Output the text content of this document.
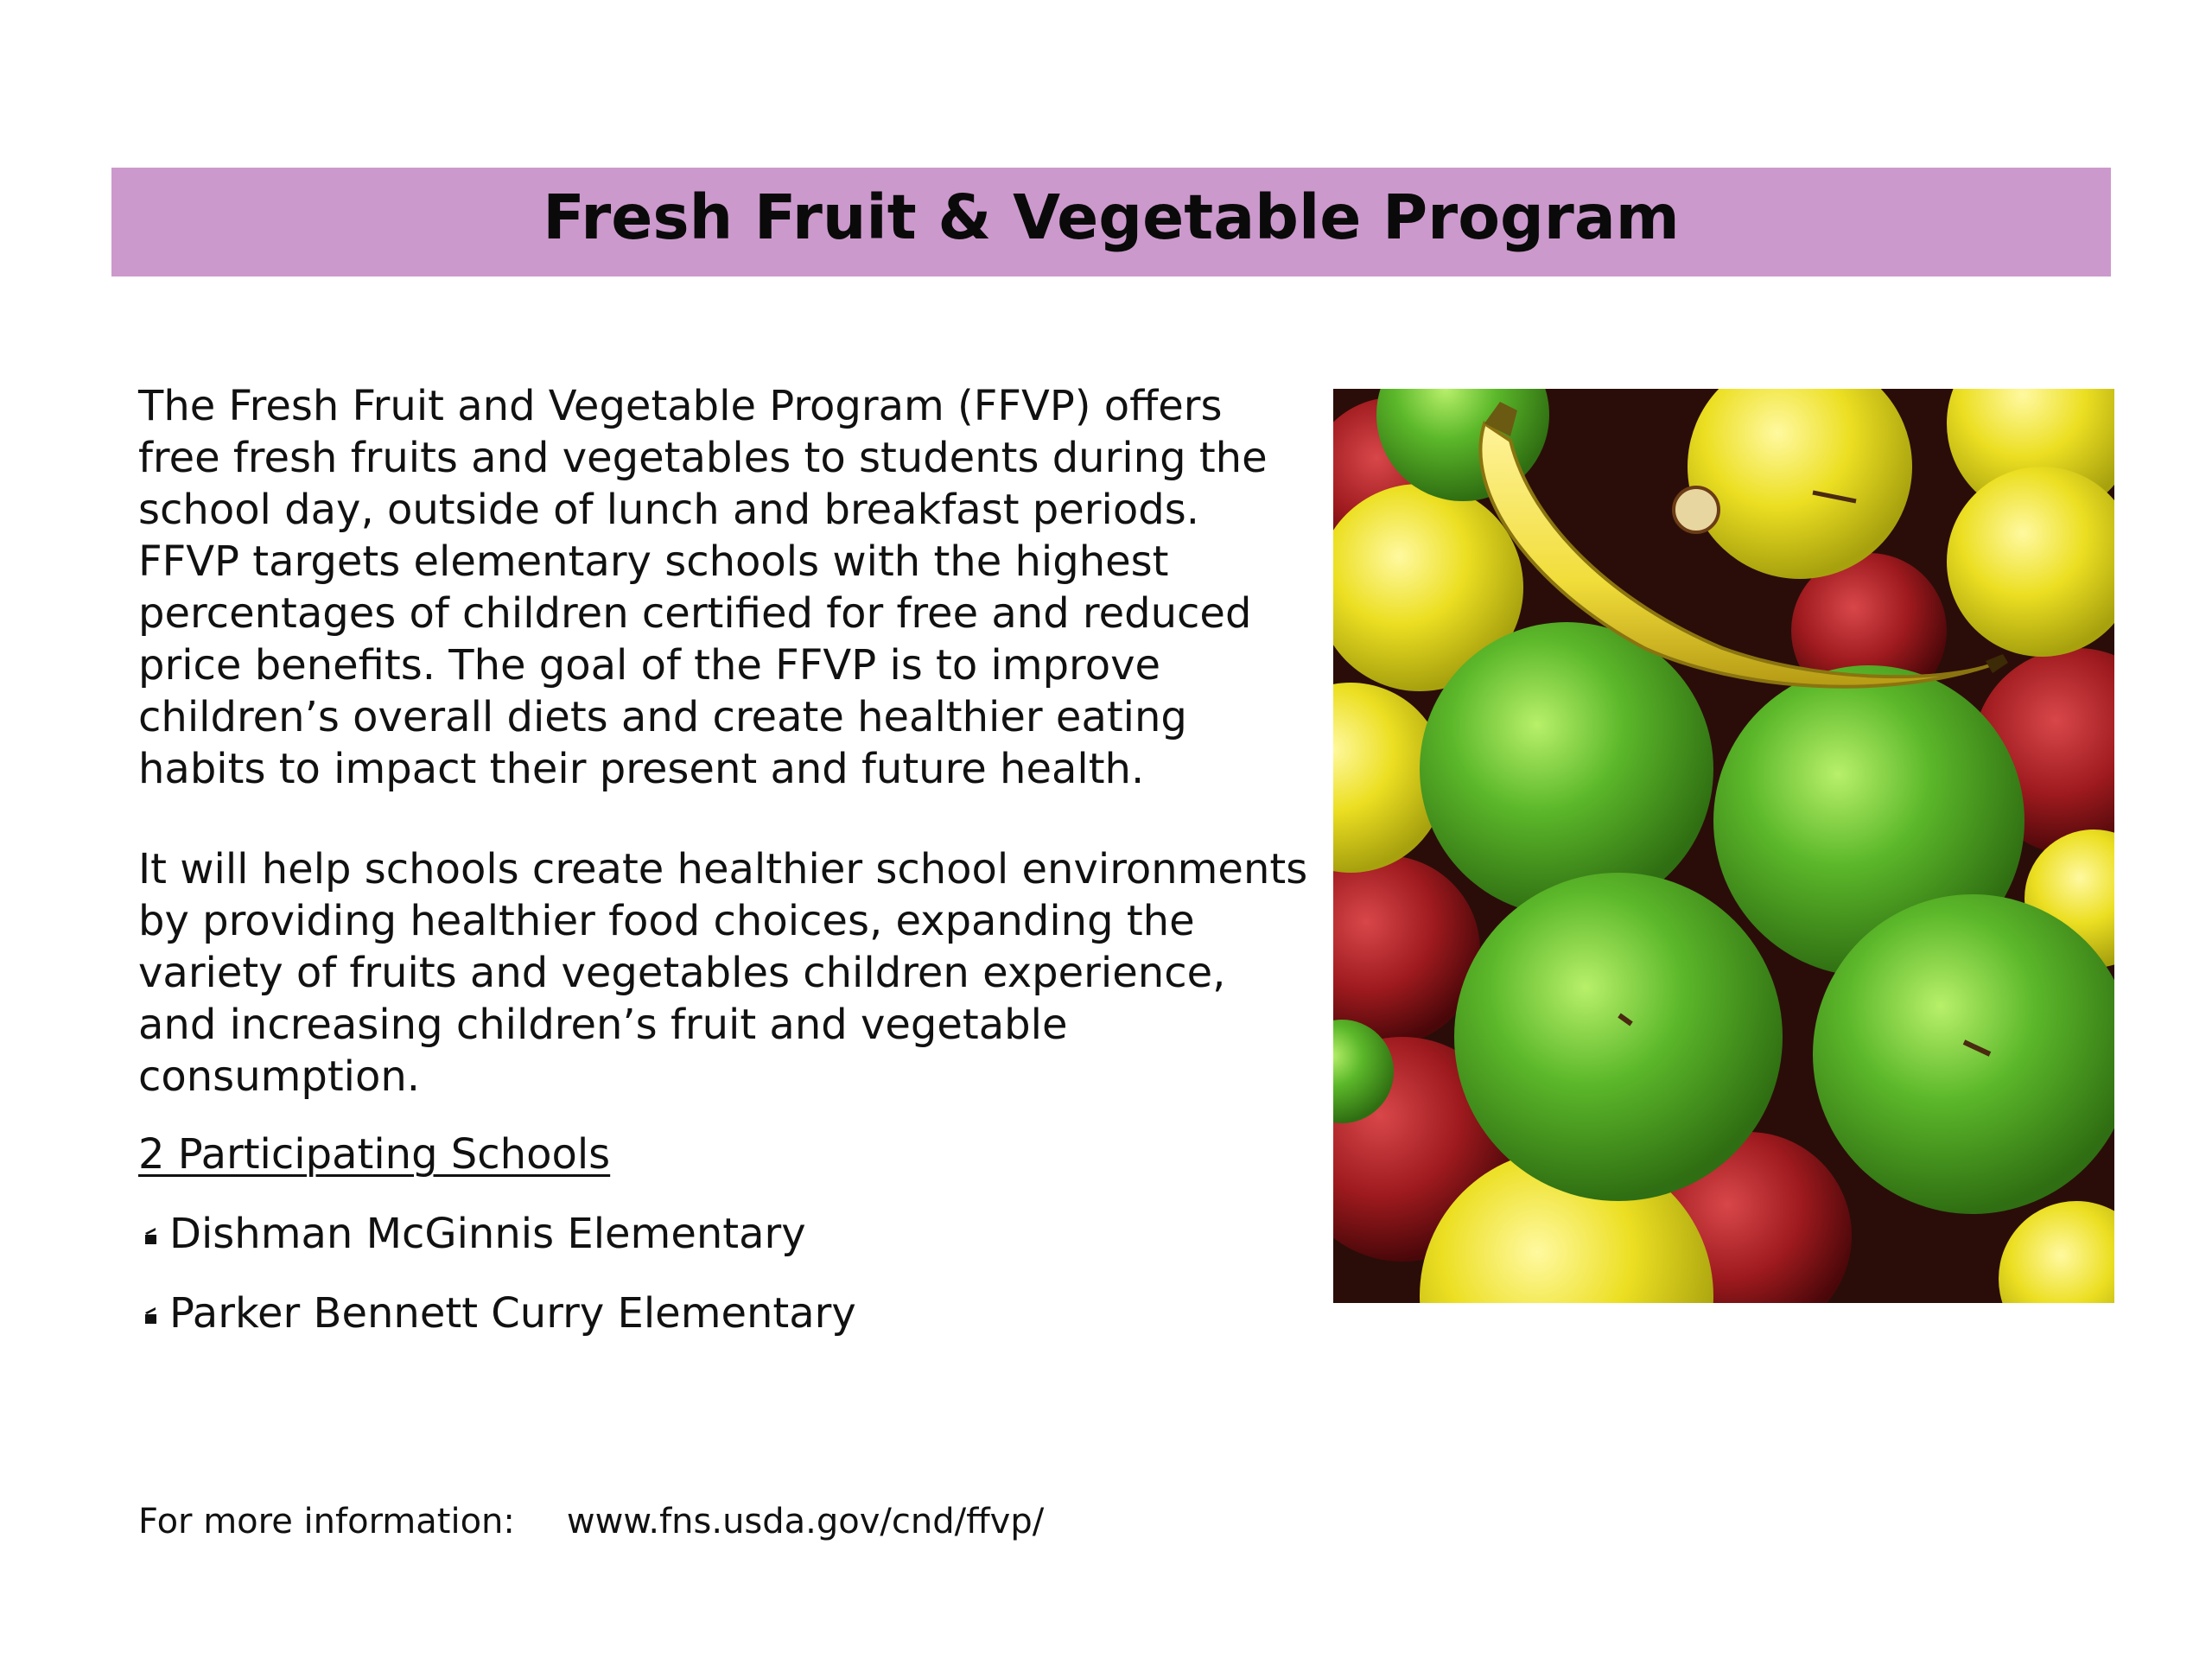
Fresh Fruit & Vegetable Program

The Fresh Fruit and Vegetable Program (FFVP) offers free fresh fruits and vegetables to students during the school day, outside of lunch and breakfast periods. FFVP targets elementary schools with the highest percentages of children certified for free and reduced price benefits. The goal of the FFVP is to improve children’s overall diets and create healthier eating habits to impact their present and future health.

It will help schools create healthier school environments by providing healthier food choices, expanding the variety of fruits and vegetables children experience, and increasing children’s fruit and vegetable consumption.

2 Participating Schools

Dishman McGinnis Elementary
Parker Bennett Curry Elementary
For more information: www.fns.usda.gov/cnd/ffvp/
